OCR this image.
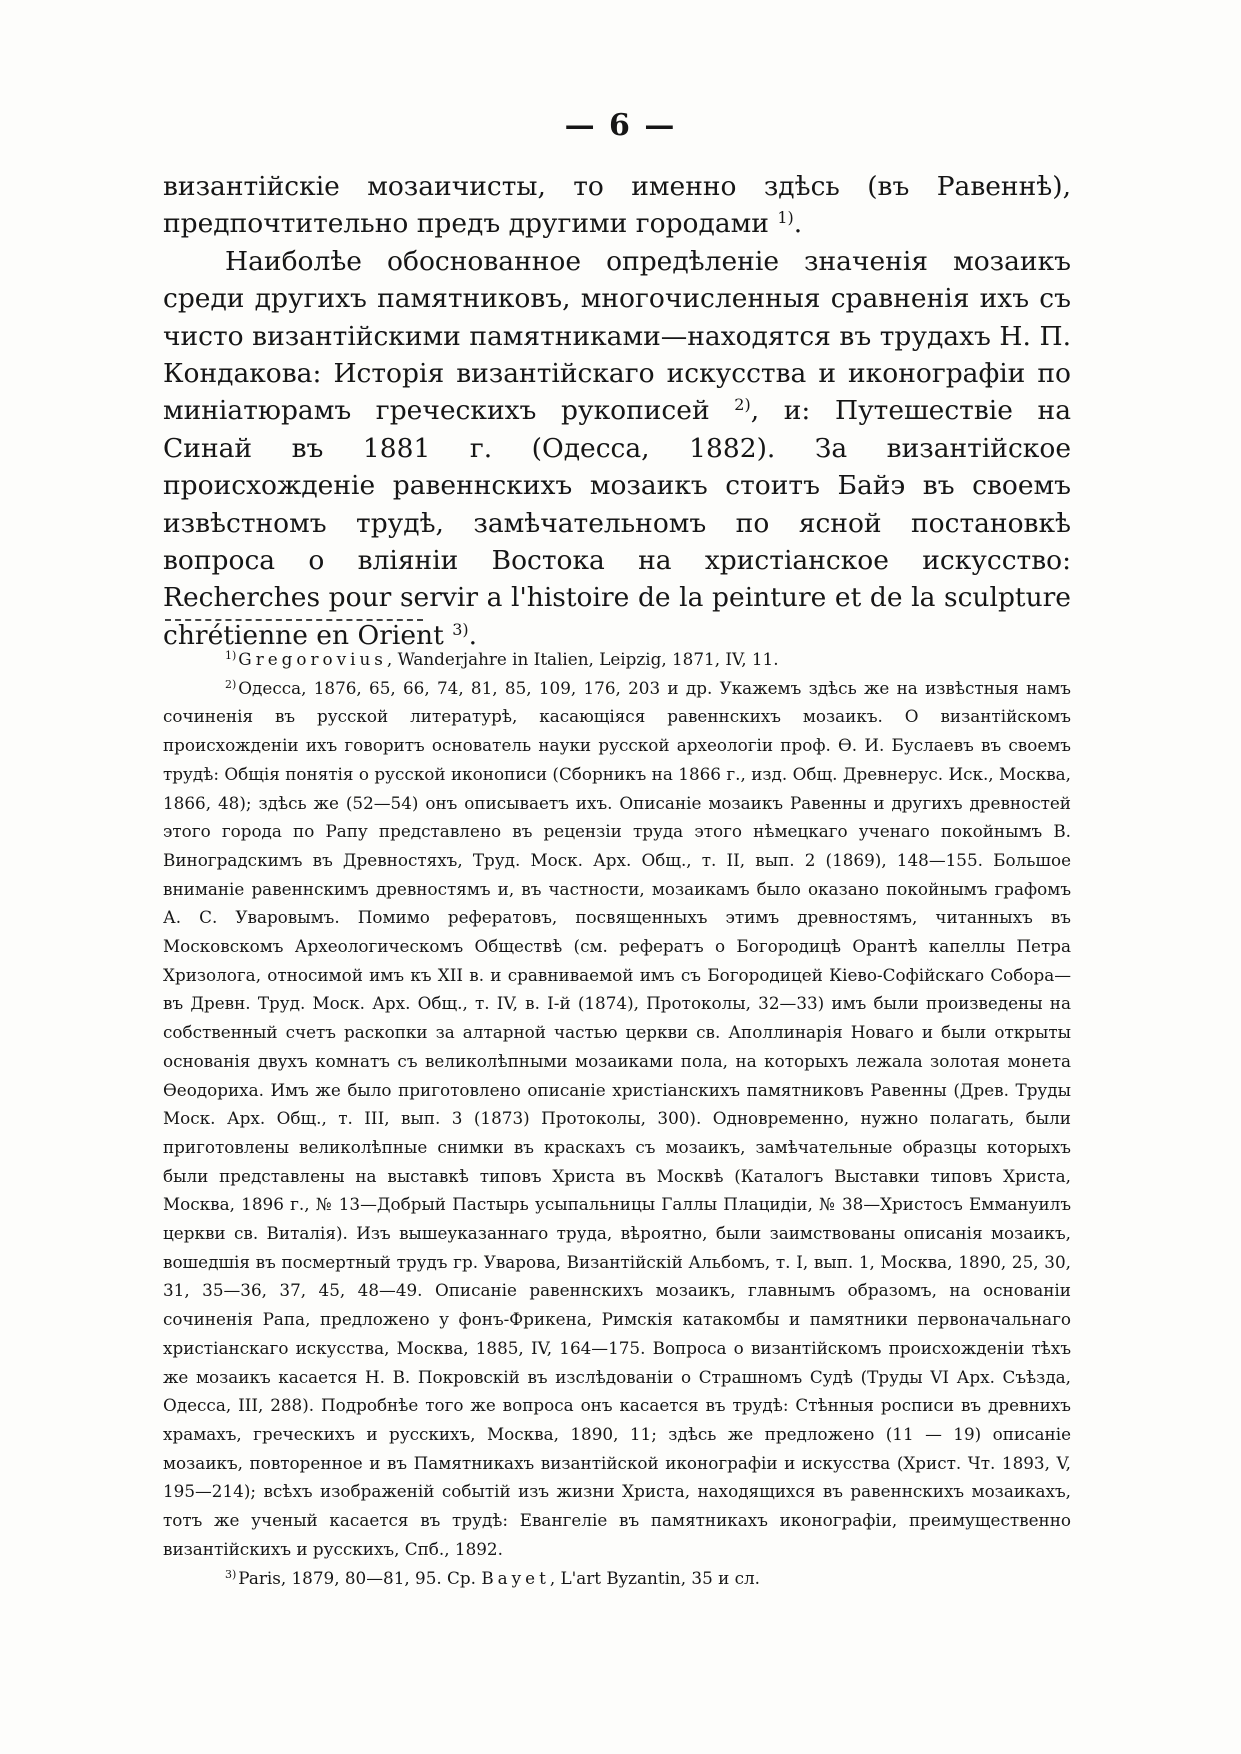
— 6 —

византійскіе мозаичисты, то именно здѣсь (въ Равеннѣ), предпочтительно предъ другими городами $^{1)}$.

Наиболѣе обоснованное опредѣленіе значенія мозаикъ среди другихъ памятниковъ, многочисленныя сравненія ихъ съ чисто византійскими памятниками—находятся въ трудахъ Н. П. Кондакова: Исторія византійскаго искусства и иконографіи по миніатюрамъ греческихъ рукописей $^{2)}$, и: Путешествіе на Синай въ 1881 г. (Одесса, 1882). За византійское происхожденіе равеннскихъ мозаикъ стоитъ Байэ въ своемъ извѣстномъ трудѣ, замѣчательномъ по ясной постановкѣ вопроса о вліяніи Востока на христіанское искусство: Recherches pour servir a l'histoire de la peinture et de la sculpture chrétienne en Orient $^{3)}$.

$^{1)}$ Gregorovius, Wanderjahre in Italien, Leipzig, 1871, IV, 11.

$^{2)}$ Одесса, 1876, 65, 66, 74, 81, 85, 109, 176, 203 и др. Укажемъ здѣсь же на извѣстныя намъ сочиненія въ русской литературѣ, касающіяся равеннскихъ мозаикъ. О византійскомъ происхожденіи ихъ говоритъ основатель науки русской археологіи проф. Ѳ. И. Буслаевъ въ своемъ трудѣ: Общія понятія о русской иконописи (Сборникъ на 1866 г., изд. Общ. Древнерус. Иск., Москва, 1866, 48); здѣсь же (52—54) онъ описываетъ ихъ. Описаніе мозаикъ Равенны и другихъ древностей этого города по Рапу представлено въ рецензіи труда этого нѣмецкаго ученаго покойнымъ В. Виноградскимъ въ Древностяхъ, Труд. Моск. Арх. Общ., т. II, вып. 2 (1869), 148—155. Большое вниманіе равеннскимъ древностямъ и, въ частности, мозаикамъ было оказано покойнымъ графомъ А. С. Уваровымъ. Помимо рефератовъ, посвященныхъ этимъ древностямъ, читанныхъ въ Московскомъ Археологическомъ Обществѣ (см. рефератъ о Богородицѣ Орантѣ капеллы Петра Хризолога, относимой имъ къ XII в. и сравниваемой имъ съ Богородицей Кіево-Софійскаго Собора—въ Древн. Труд. Моск. Арх. Общ., т. IV, в. I-й (1874), Протоколы, 32—33) имъ были произведены на собственный счетъ раскопки за алтарной частью церкви св. Аполлинарія Новаго и были открыты основанія двухъ комнатъ съ великолѣпными мозаиками пола, на которыхъ лежала золотая монета Ѳеодориха. Имъ же было приготовлено описаніе христіанскихъ памятниковъ Равенны (Древ. Труды Моск. Арх. Общ., т. III, вып. 3 (1873) Протоколы, 300). Одновременно, нужно полагать, были приготовлены великолѣпные снимки въ краскахъ съ мозаикъ, замѣчательные образцы которыхъ были представлены на выставкѣ типовъ Христа въ Москвѣ (Каталогъ Выставки типовъ Христа, Москва, 1896 г., № 13—Добрый Пастырь усыпальницы Галлы Плацидіи, № 38—Христосъ Еммануилъ церкви св. Виталія). Изъ вышеуказаннаго труда, вѣроятно, были заимствованы описанія мозаикъ, вошедшія въ посмертный трудъ гр. Уварова, Византійскій Альбомъ, т. I, вып. 1, Москва, 1890, 25, 30, 31, 35—36, 37, 45, 48—49. Описаніе равеннскихъ мозаикъ, главнымъ образомъ, на основаніи сочиненія Рапа, предложено у фонъ-Фрикена, Римскія катакомбы и памятники первоначальнаго христіанскаго искусства, Москва, 1885, IV, 164—175. Вопроса о византійскомъ происхожденіи тѣхъ же мозаикъ касается Н. В. Покровскій въ изслѣдованіи о Страшномъ Судѣ (Труды VI Арх. Съѣзда, Одесса, III, 288). Подробнѣе того же вопроса онъ касается въ трудѣ: Стѣнныя росписи въ древнихъ храмахъ, греческихъ и русскихъ, Москва, 1890, 11; здѣсь же предложено (11 — 19) описаніе мозаикъ, повторенное и въ Памятникахъ византійской иконографіи и искусства (Христ. Чт. 1893, V, 195—214); всѣхъ изображеній событій изъ жизни Христа, находящихся въ равеннскихъ мозаикахъ, тотъ же ученый касается въ трудѣ: Евангеліе въ памятникахъ иконографіи, преимущественно византійскихъ и русскихъ, Спб., 1892.

$^{3)}$ Paris, 1879, 80—81, 95. Ср. Bayet, L'art Byzantin, 35 и сл.
